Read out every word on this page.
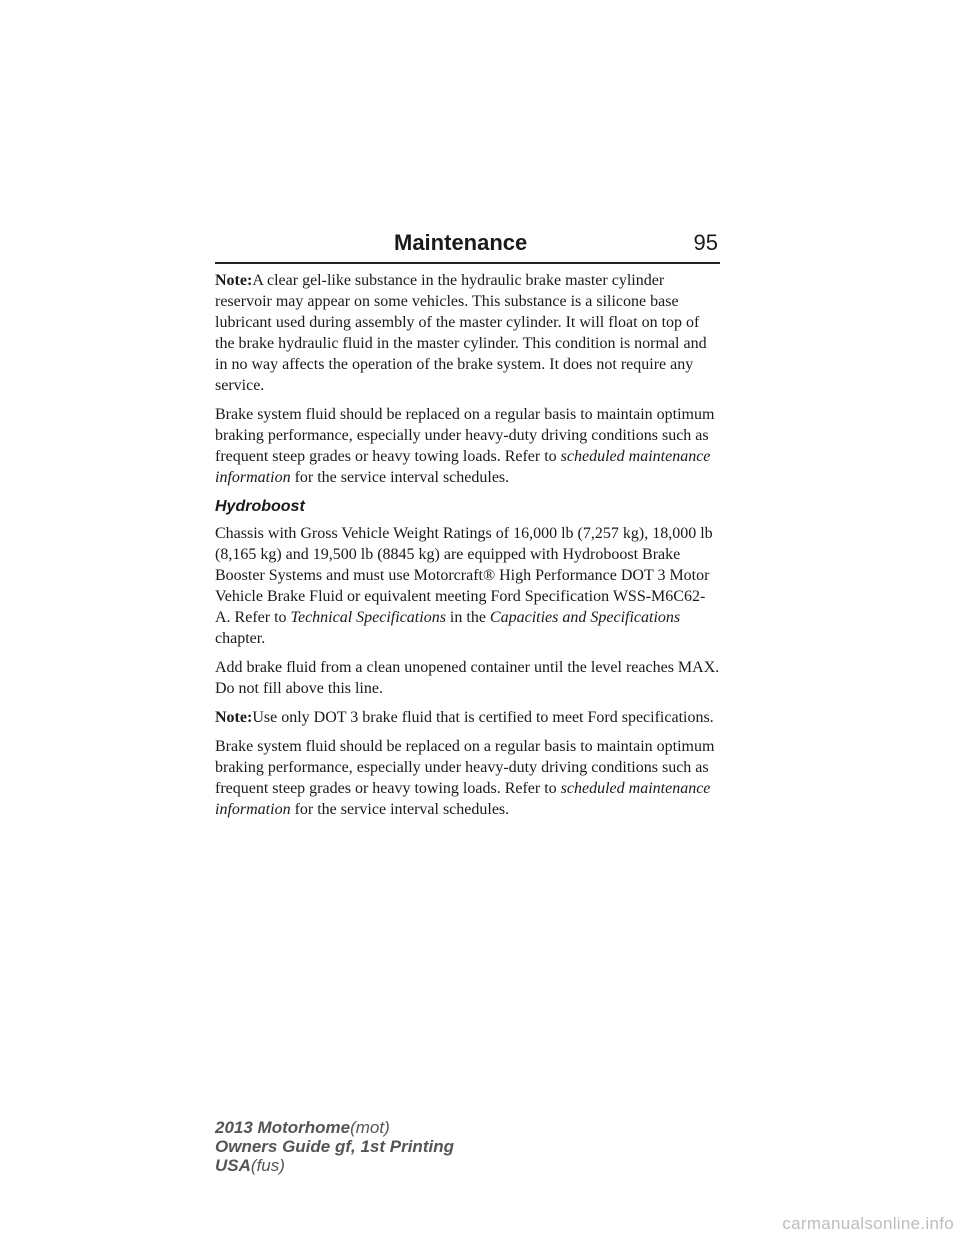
Maintenance	95

Note:A clear gel-like substance in the hydraulic brake master cylinder reservoir may appear on some vehicles. This substance is a silicone base lubricant used during assembly of the master cylinder. It will float on top of the brake hydraulic fluid in the master cylinder. This condition is normal and in no way affects the operation of the brake system. It does not require any service.

Brake system fluid should be replaced on a regular basis to maintain optimum braking performance, especially under heavy-duty driving conditions such as frequent steep grades or heavy towing loads. Refer to scheduled maintenance information for the service interval schedules.

Hydroboost

Chassis with Gross Vehicle Weight Ratings of 16,000 lb (7,257 kg), 18,000 lb (8,165 kg) and 19,500 lb (8845 kg) are equipped with Hydroboost Brake Booster Systems and must use Motorcraft® High Performance DOT 3 Motor Vehicle Brake Fluid or equivalent meeting Ford Specification WSS-M6C62-A. Refer to Technical Specifications in the Capacities and Specifications chapter.

Add brake fluid from a clean unopened container until the level reaches MAX. Do not fill above this line.

Note:Use only DOT 3 brake fluid that is certified to meet Ford specifications.

Brake system fluid should be replaced on a regular basis to maintain optimum braking performance, especially under heavy-duty driving conditions such as frequent steep grades or heavy towing loads. Refer to scheduled maintenance information for the service interval schedules.

2013 Motorhome(mot)
Owners Guide gf, 1st Printing
USA(fus)
carmanualsonline.info
